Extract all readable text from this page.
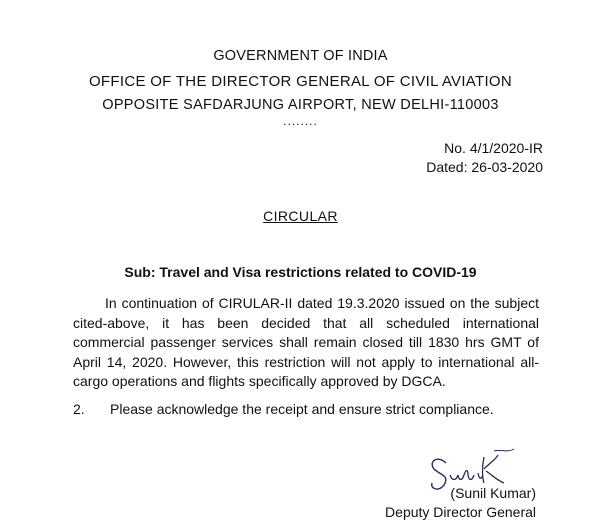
GOVERNMENT OF INDIA
OFFICE OF THE DIRECTOR GENERAL OF CIVIL AVIATION
OPPOSITE SAFDARJUNG AIRPORT, NEW DELHI-110003
........
No. 4/1/2020-IR
Dated: 26-03-2020
CIRCULAR
Sub: Travel and Visa restrictions related to COVID-19
In continuation of CIRULAR-II dated 19.3.2020 issued on the subject cited-above, it has been decided that all scheduled international commercial passenger services shall remain closed till 1830 hrs GMT of April 14, 2020. However, this restriction will not apply to international all-cargo operations and flights specifically approved by DGCA.
2. Please acknowledge the receipt and ensure strict compliance.
(Sunil Kumar)
Deputy Director General
